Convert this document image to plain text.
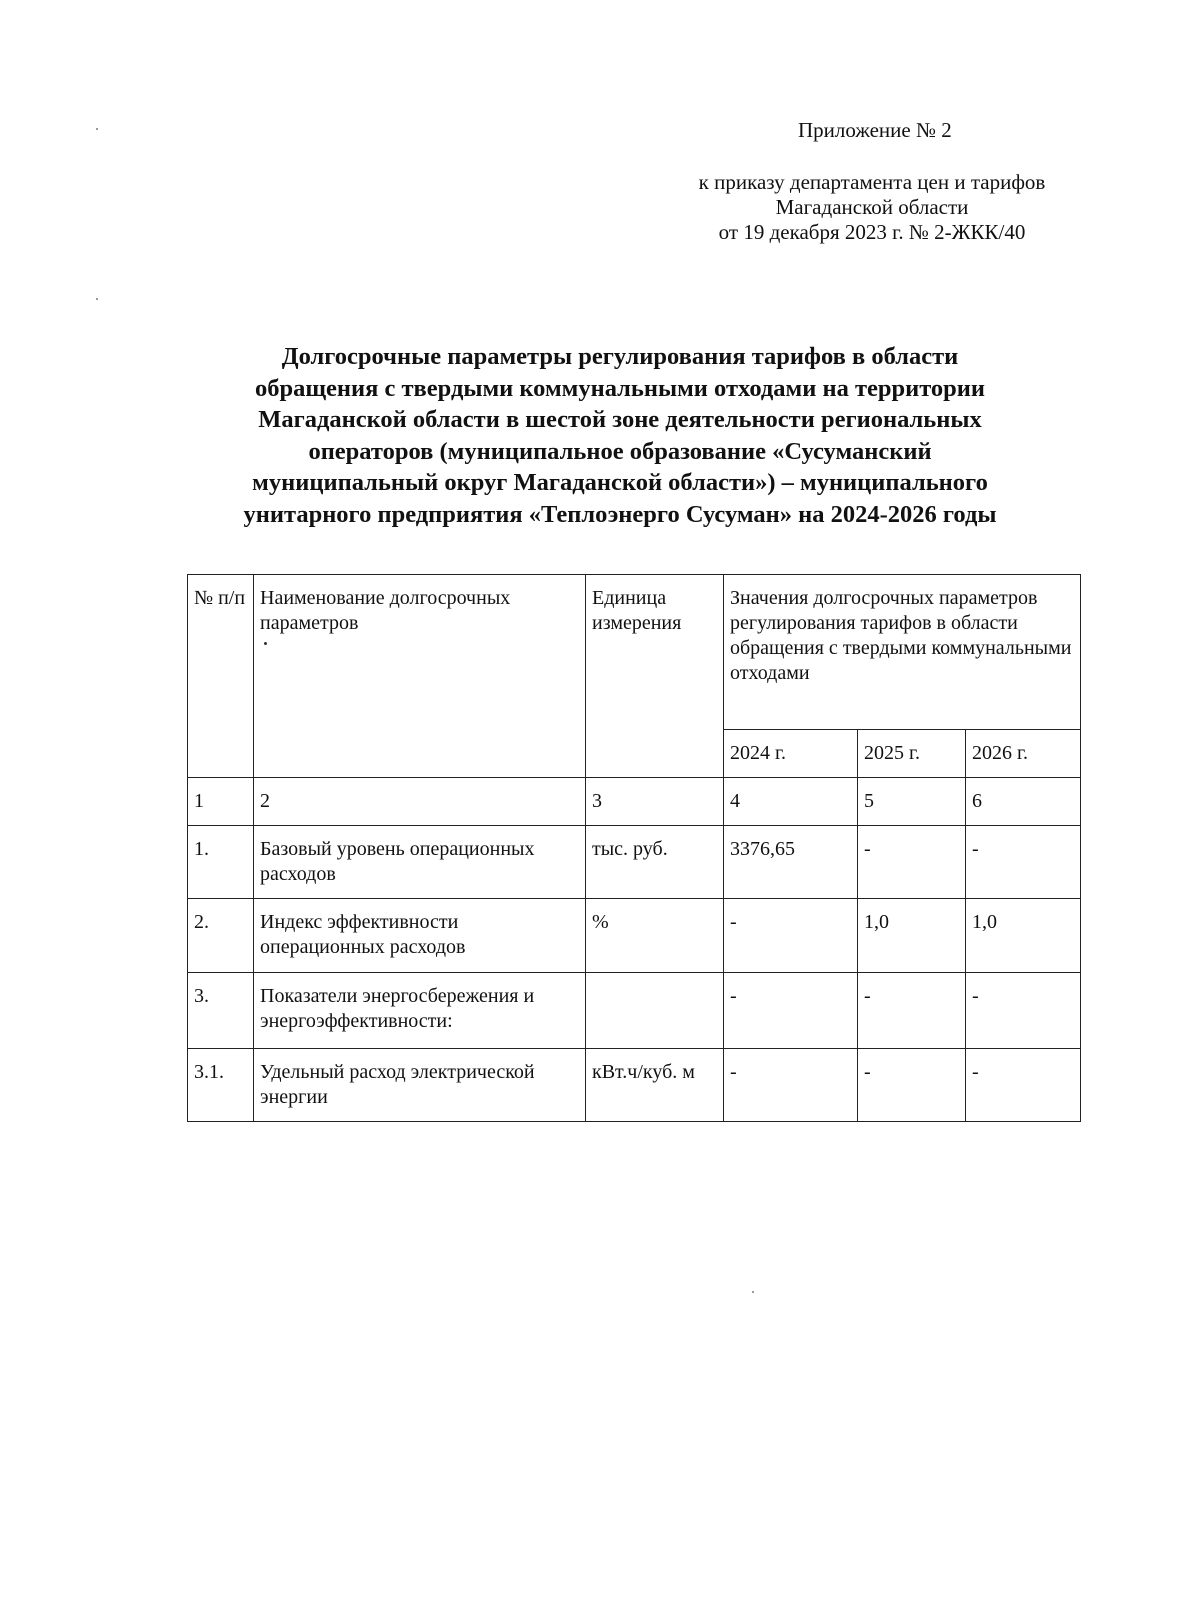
Приложение № 2
к приказу департамента цен и тарифов
Магаданской области
от 19 декабря 2023 г. № 2-ЖКК/40
Долгосрочные параметры регулирования тарифов в области
обращения с твердыми коммунальными отходами на территории
Магаданской области в шестой зоне деятельности региональных
операторов (муниципальное образование «Сусуманский
муниципальный округ Магаданской области») – муниципального
унитарного предприятия «Теплоэнерго Сусуман» на 2024-2026 годы
№ п/п	Наименование долгосрочных параметров	Единица измерения	Значения долгосрочных параметров регулирования тарифов в области обращения с твердыми коммунальными отходами		
			2024 г.	2025 г.	2026 г.
1	2	3	4	5	6
1.	Базовый уровень операционных расходов	тыс. руб.	3376,65	-	-
2.	Индекс эффективности операционных расходов	%	-	1,0	1,0
3.	Показатели энергосбережения и энергоэффективности:		-	-	-
3.1.	Удельный расход электрической энергии	кВт.ч/куб. м	-	-	-
